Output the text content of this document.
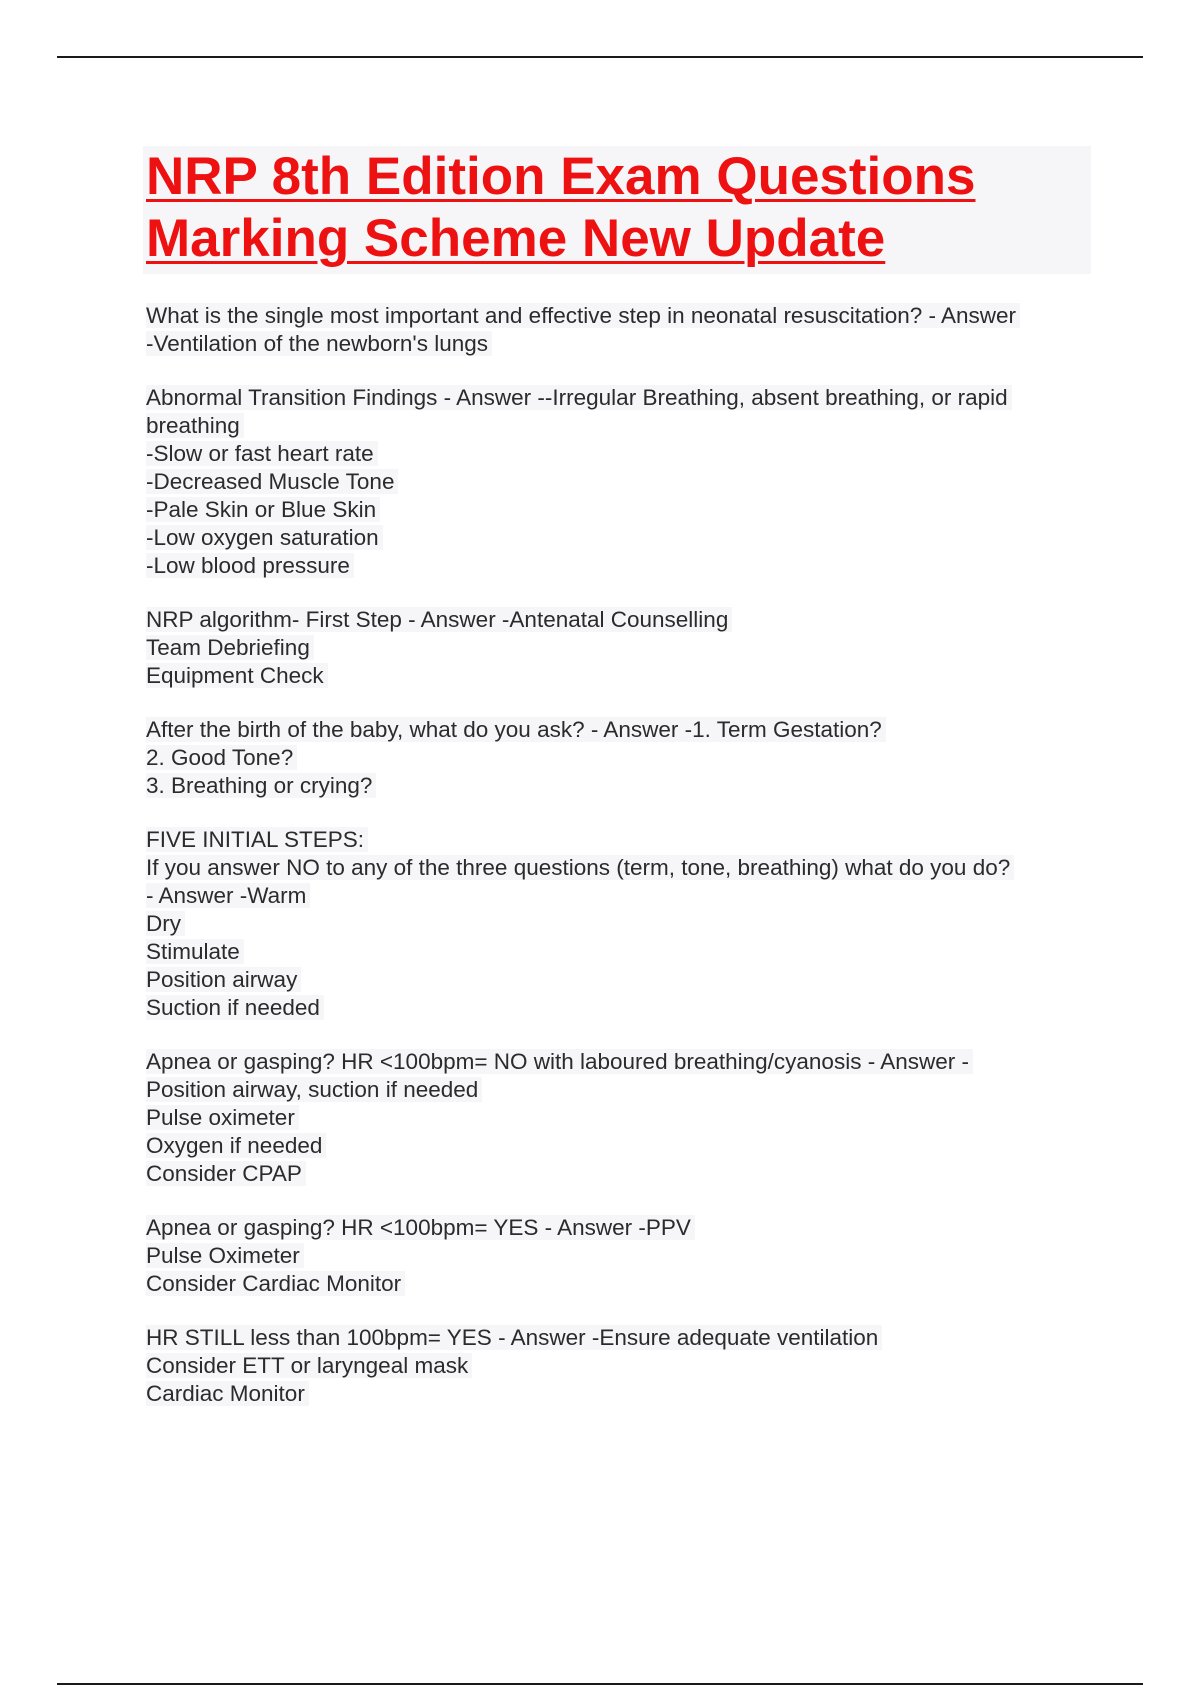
NRP 8th Edition Exam Questions
Marking Scheme New Update
What is the single most important and effective step in neonatal resuscitation? - Answer
-Ventilation of the newborn's lungs
Abnormal Transition Findings - Answer --Irregular Breathing, absent breathing, or rapid
breathing
-Slow or fast heart rate
-Decreased Muscle Tone
-Pale Skin or Blue Skin
-Low oxygen saturation
-Low blood pressure
NRP algorithm- First Step - Answer -Antenatal Counselling
Team Debriefing
Equipment Check
After the birth of the baby, what do you ask? - Answer -1. Term Gestation?
2. Good Tone?
3. Breathing or crying?
FIVE INITIAL STEPS:
If you answer NO to any of the three questions (term, tone, breathing) what do you do?
- Answer -Warm
Dry
Stimulate
Position airway
Suction if needed
Apnea or gasping? HR <100bpm= NO with laboured breathing/cyanosis - Answer -
Position airway, suction if needed
Pulse oximeter
Oxygen if needed
Consider CPAP
Apnea or gasping? HR <100bpm= YES - Answer -PPV
Pulse Oximeter
Consider Cardiac Monitor
HR STILL less than 100bpm= YES - Answer -Ensure adequate ventilation
Consider ETT or laryngeal mask
Cardiac Monitor
